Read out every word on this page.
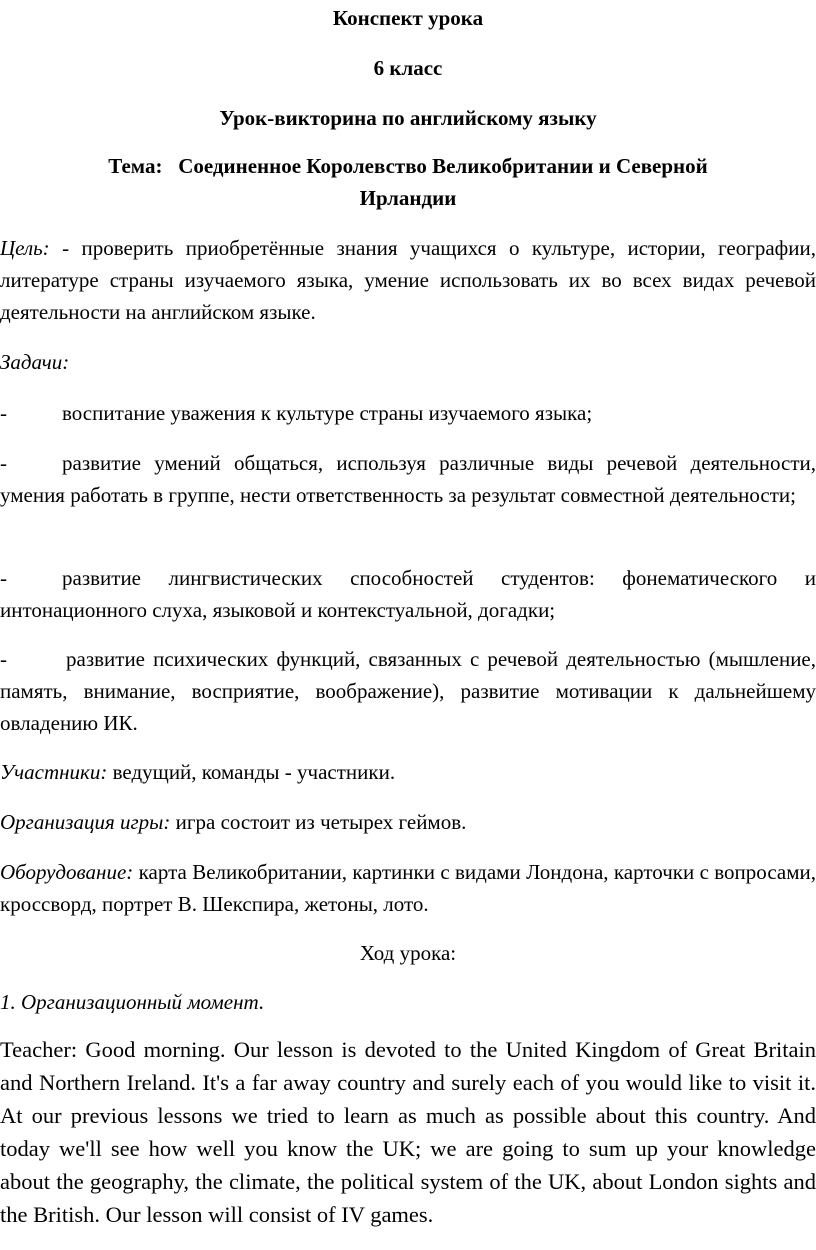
Конспект урока

6 класс

Урок-викторина по английскому языку

Тема: Соединенное Королевство Великобритании и Северной

Ирландии

Цель: - проверить приобретённые знания учащихся о культуре, истории, географии, литературе страны изучаемого языка, умение использовать их во всех видах речевой деятельности на английском языке.

Задачи:

-	воспитание уважения к культуре страны изучаемого языка;

-	развитие умений общаться, используя различные виды речевой деятельности, умения работать в группе, нести ответственность за результат совместной деятельности;

-	развитие лингвистических способностей студентов: фонематического и интонационного слуха, языковой и контекстуальной, догадки;

-	развитие психических функций, связанных с речевой деятельностью (мышление, память, внимание, восприятие, воображение), развитие мотивации к дальнейшему овладению ИК.

Участники: ведущий, команды - участники.

Организация игры: игра состоит из четырех геймов.

Оборудование: карта Великобритании, картинки с видами Лондона, карточки с вопросами, кроссворд, портрет В. Шекспира, жетоны, лото.

Ход урока:

1. Организационный момент.

Teacher: Good morning. Our lesson is devoted to the United Kingdom of Great Britain and Northern Ireland. It's a far away country and surely each of you would like to visit it. At our previous lessons we tried to learn as much as possible about this country. And today we'll see how well you know the UK; we are going to sum up your knowledge about the geography, the climate, the political system of the UK, about London sights and the British. Our lesson will consist of IV games.
